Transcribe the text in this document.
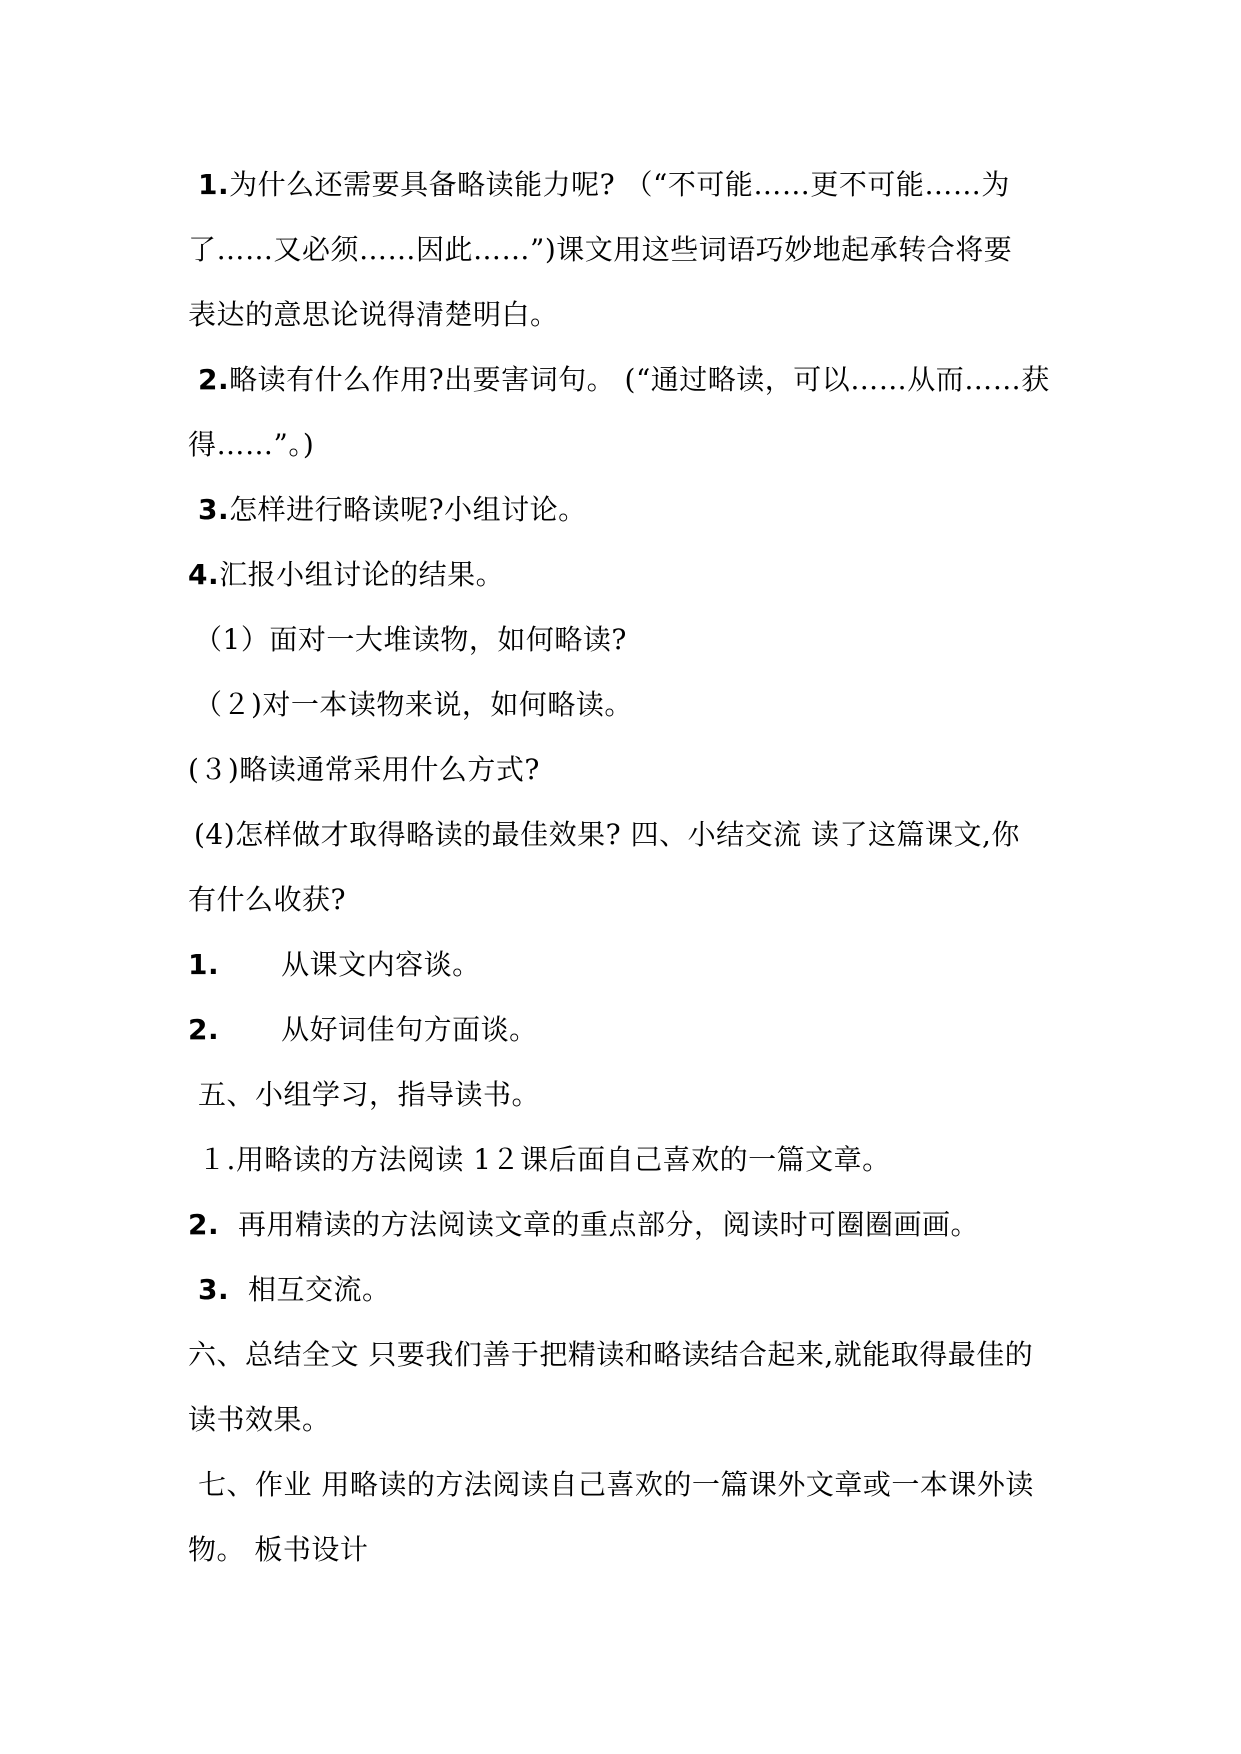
1.为什么还需要具备略读能力呢? （“不可能……更不可能……为
了……又必须……因此……”)课文用这些词语巧妙地起承转合将要
表达的意思论说得清楚明白。
2.略读有什么作用?出要害词句。 (“通过略读，可以……从而……获
得……”。)
3.怎样进行略读呢?小组讨论。
4.汇报小组讨论的结果。
（1）面对一大堆读物，如何略读?
（２)对一本读物来说，如何略读。
(３)略读通常采用什么方式?
(4)怎样做才取得略读的最佳效果? 四、小结交流 读了这篇课文,你
有什么收获?
1. 从课文内容谈。
2. 从好词佳句方面谈。
五、小组学习，指导读书。
１.用略读的方法阅读 1２课后面自己喜欢的一篇文章。
2. 再用精读的方法阅读文章的重点部分，阅读时可圈圈画画。
3. 相互交流。
六、总结全文 只要我们善于把精读和略读结合起来,就能取得最佳的
读书效果。
七、作业 用略读的方法阅读自己喜欢的一篇课外文章或一本课外读
物。 板书设计
